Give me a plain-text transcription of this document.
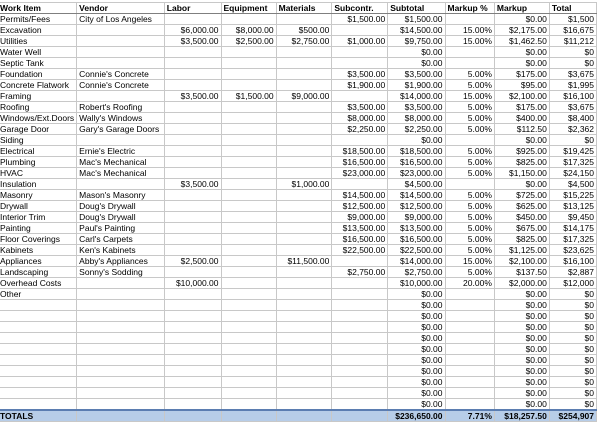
Work Item	Vendor	Labor	Equipment	Materials	Subcontr.	Subtotal	Markup %	Markup	Total
Permits/Fees	City of Los Angeles				$1,500.00	$1,500.00		$0.00	$1,500
Excavation		$6,000.00	$8,000.00	$500.00		$14,500.00	15.00%	$2,175.00	$16,675
Utilities		$3,500.00	$2,500.00	$2,750.00	$1,000.00	$9,750.00	15.00%	$1,462.50	$11,212
Water Well						$0.00		$0.00	$0
Septic Tank						$0.00		$0.00	$0
Foundation	Connie's Concrete				$3,500.00	$3,500.00	5.00%	$175.00	$3,675
Concrete Flatwork	Connie's Concrete				$1,900.00	$1,900.00	5.00%	$95.00	$1,995
Framing		$3,500.00	$1,500.00	$9,000.00		$14,000.00	15.00%	$2,100.00	$16,100
Roofing	Robert's Roofing				$3,500.00	$3,500.00	5.00%	$175.00	$3,675
Windows/Ext.Doors	Wally's Windows				$8,000.00	$8,000.00	5.00%	$400.00	$8,400
Garage Door	Gary's Garage Doors				$2,250.00	$2,250.00	5.00%	$112.50	$2,362
Siding						$0.00		$0.00	$0
Electrical	Ernie's Electric				$18,500.00	$18,500.00	5.00%	$925.00	$19,425
Plumbing	Mac's Mechanical				$16,500.00	$16,500.00	5.00%	$825.00	$17,325
HVAC	Mac's Mechanical				$23,000.00	$23,000.00	5.00%	$1,150.00	$24,150
Insulation		$3,500.00		$1,000.00		$4,500.00		$0.00	$4,500
Masonry	Mason's Masonry				$14,500.00	$14,500.00	5.00%	$725.00	$15,225
Drywall	Doug's Drywall				$12,500.00	$12,500.00	5.00%	$625.00	$13,125
Interior Trim	Doug's Drywall				$9,000.00	$9,000.00	5.00%	$450.00	$9,450
Painting	Paul's Painting				$13,500.00	$13,500.00	5.00%	$675.00	$14,175
Floor Coverings	Carl's Carpets				$16,500.00	$16,500.00	5.00%	$825.00	$17,325
Kabinets	Ken's Kabinets				$22,500.00	$22,500.00	5.00%	$1,125.00	$23,625
Appliances	Abby's Appliances	$2,500.00		$11,500.00		$14,000.00	15.00%	$2,100.00	$16,100
Landscaping	Sonny's Sodding				$2,750.00	$2,750.00	5.00%	$137.50	$2,887
Overhead Costs		$10,000.00				$10,000.00	20.00%	$2,000.00	$12,000
Other						$0.00		$0.00	$0
						$0.00		$0.00	$0
						$0.00		$0.00	$0
						$0.00		$0.00	$0
						$0.00		$0.00	$0
						$0.00		$0.00	$0
						$0.00		$0.00	$0
						$0.00		$0.00	$0
						$0.00		$0.00	$0
						$0.00		$0.00	$0
						$0.00		$0.00	$0
TOTALS						$236,650.00	7.71%	$18,257.50	$254,907
